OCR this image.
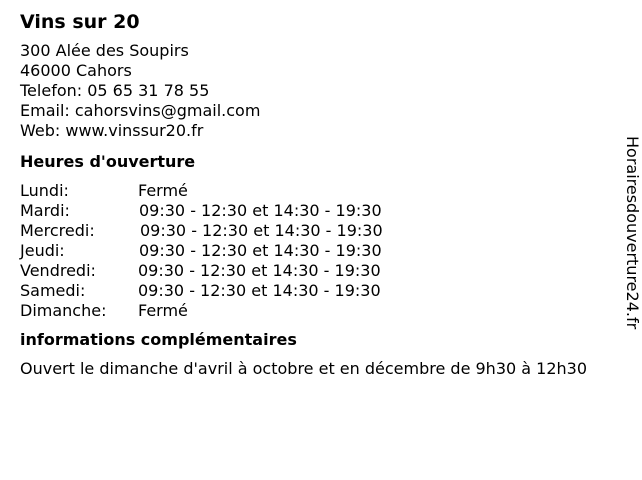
Vins sur 20
300 Alée des Soupirs
46000 Cahors
Telefon: 05 65 31 78 55
Email: cahorsvins@gmail.com
Web: www.vinssur20.fr
Heures d'ouverture
Lundi:	Fermé
Mardi:	09:30 - 12:30 et 14:30 - 19:30
Mercredi:	09:30 - 12:30 et 14:30 - 19:30
Jeudi:	09:30 - 12:30 et 14:30 - 19:30
Vendredi:	09:30 - 12:30 et 14:30 - 19:30
Samedi:	09:30 - 12:30 et 14:30 - 19:30
Dimanche: Fermé
informations complémentaires
Ouvert le dimanche d'avril à octobre et en décembre de 9h30 à 12h30
Horairesdouverture24.fr
